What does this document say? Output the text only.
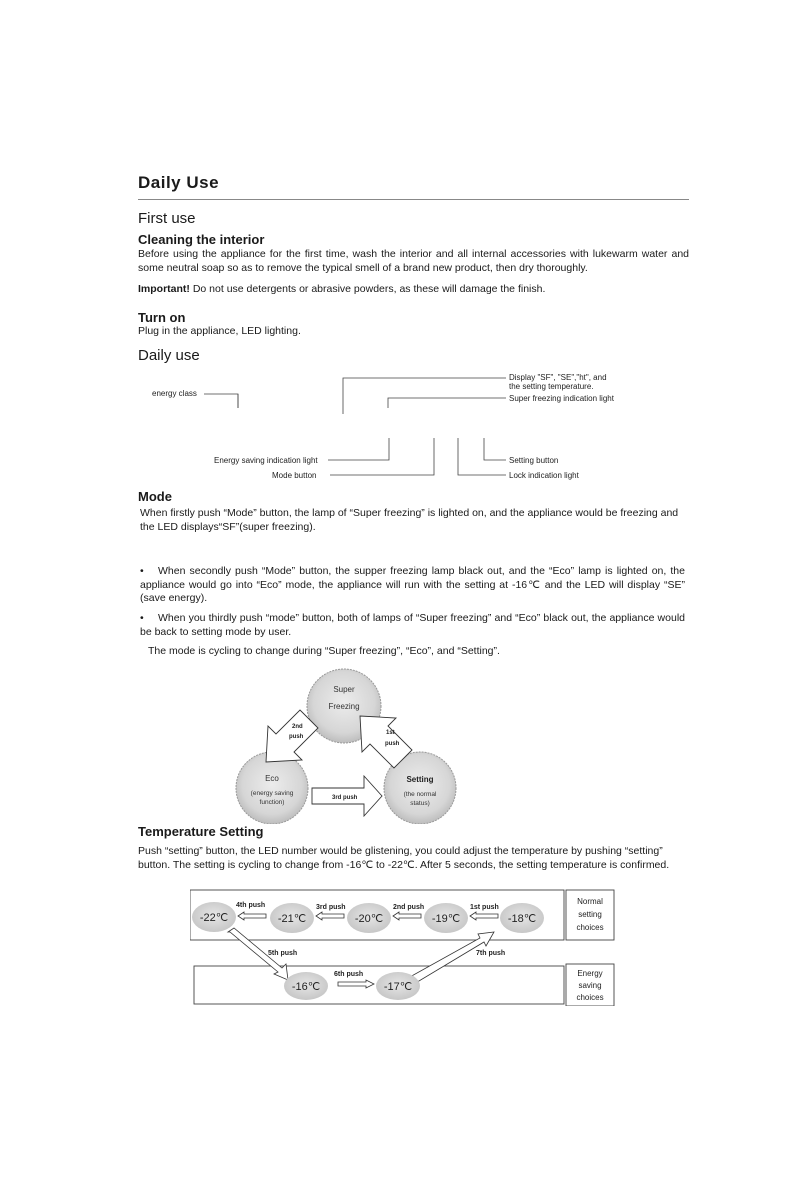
Daily Use
First use
Cleaning the interior
Before using the appliance for the first time, wash the interior and all internal accessories with lukewarm water and some neutral soap so as to remove the typical smell of a brand new product, then dry thoroughly.
Important! Do not use detergents or abrasive powders, as these will damage the finish.
Turn on
Plug in the appliance, LED lighting.
Daily use
energy class
Display "SF", "SE","ht", and
the setting temperature.
Super freezing indication light
Energy saving indication light
Mode button
Setting button
Lock indication light
Mode
When firstly push “Mode” button, the lamp of “Super freezing” is lighted on, and the appliance would be freezing and the LED displays“SF”(super freezing).
• When secondly push “Mode” button, the supper freezing lamp black out, and the “Eco” lamp is lighted on, the appliance would go into “Eco” mode, the appliance will run with the setting at -16℃ and the LED will display “SE” (save energy).
• When you thirdly push “mode” button, both of lamps of “Super freezing” and “Eco” black out, the appliance would be back to setting mode by user.
The mode is cycling to change during “Super freezing”, “Eco”, and “Setting”.
Super
Freezing
Eco
(energy saving
function)
Setting
(the normal
status)
2nd
push
1st
push
3rd push
Temperature Setting
Push “setting” button, the LED number would be glistening, you could adjust the temperature by pushing “setting” button. The setting is cycling to change from -16℃ to -22℃. After 5 seconds, the setting temperature is confirmed.
-22℃	-21℃	-20℃	-19℃	-18℃
4th push	3rd push	2nd push	1st push
5th push
6th push
7th push
-16℃	-17℃
Normal
setting
choices
Energy
saving
choices
